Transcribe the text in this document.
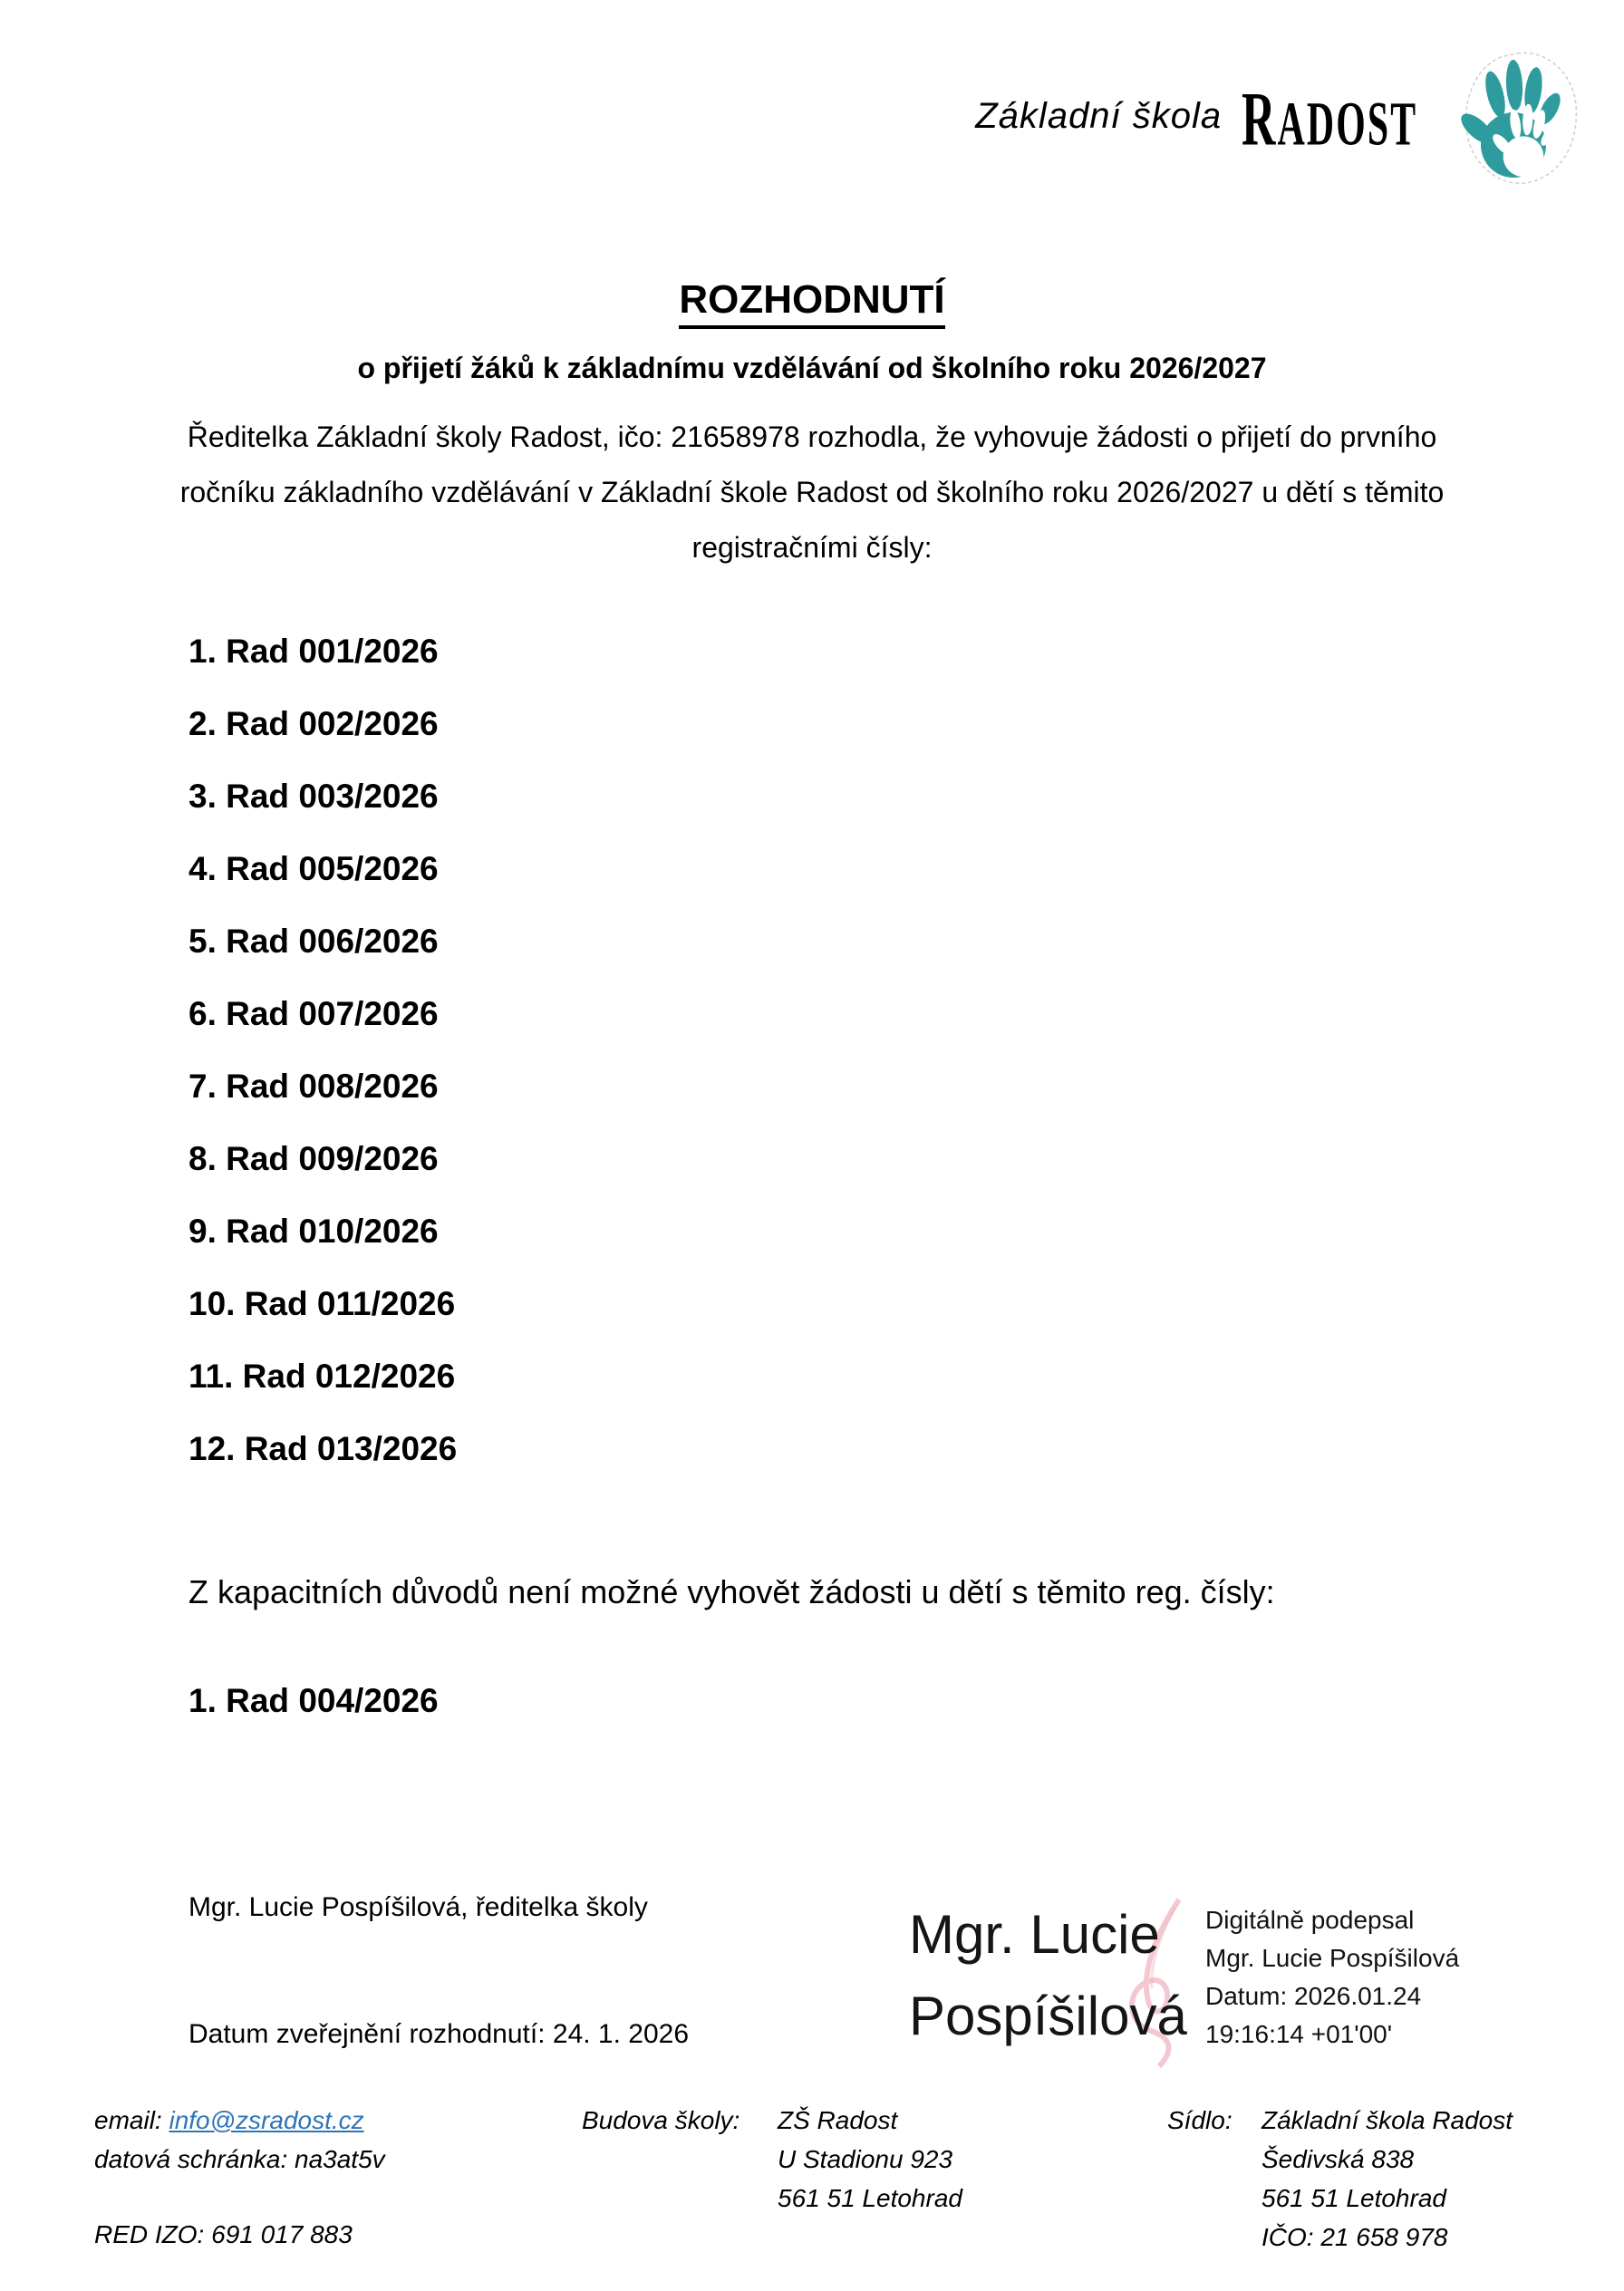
Základní škola RADOST
ROZHODNUTÍ
o přijetí žáků k základnímu vzdělávání od školního roku 2026/2027
Ředitelka Základní školy Radost, ičo: 21658978 rozhodla, že vyhovuje žádosti o přijetí do prvního ročníku základního vzdělávání v Základní škole Radost od školního roku 2026/2027 u dětí s těmito registračními čísly:
1. Rad 001/2026
2. Rad 002/2026
3. Rad 003/2026
4. Rad 005/2026
5. Rad 006/2026
6. Rad 007/2026
7. Rad 008/2026
8. Rad 009/2026
9. Rad 010/2026
10. Rad 011/2026
11. Rad 012/2026
12. Rad 013/2026
Z kapacitních důvodů není možné vyhovět žádosti u dětí s těmito reg. čísly:
1. Rad 004/2026
Mgr. Lucie Pospíšilová, ředitelka školy
Datum zveřejnění rozhodnutí: 24. 1. 2026
Mgr. Lucie
Pospíšilová
Digitálně podepsal
Mgr. Lucie Pospíšilová
Datum: 2026.01.24
19:16:14 +01'00'
email: info@zsradost.cz
datová schránka: na3at5v
RED IZO: 691 017 883
Budova školy: ZŠ Radost
U Stadionu 923
561 51 Letohrad
Sídlo: Základní škola Radost
Šedivská 838
561 51 Letohrad
IČO: 21 658 978
